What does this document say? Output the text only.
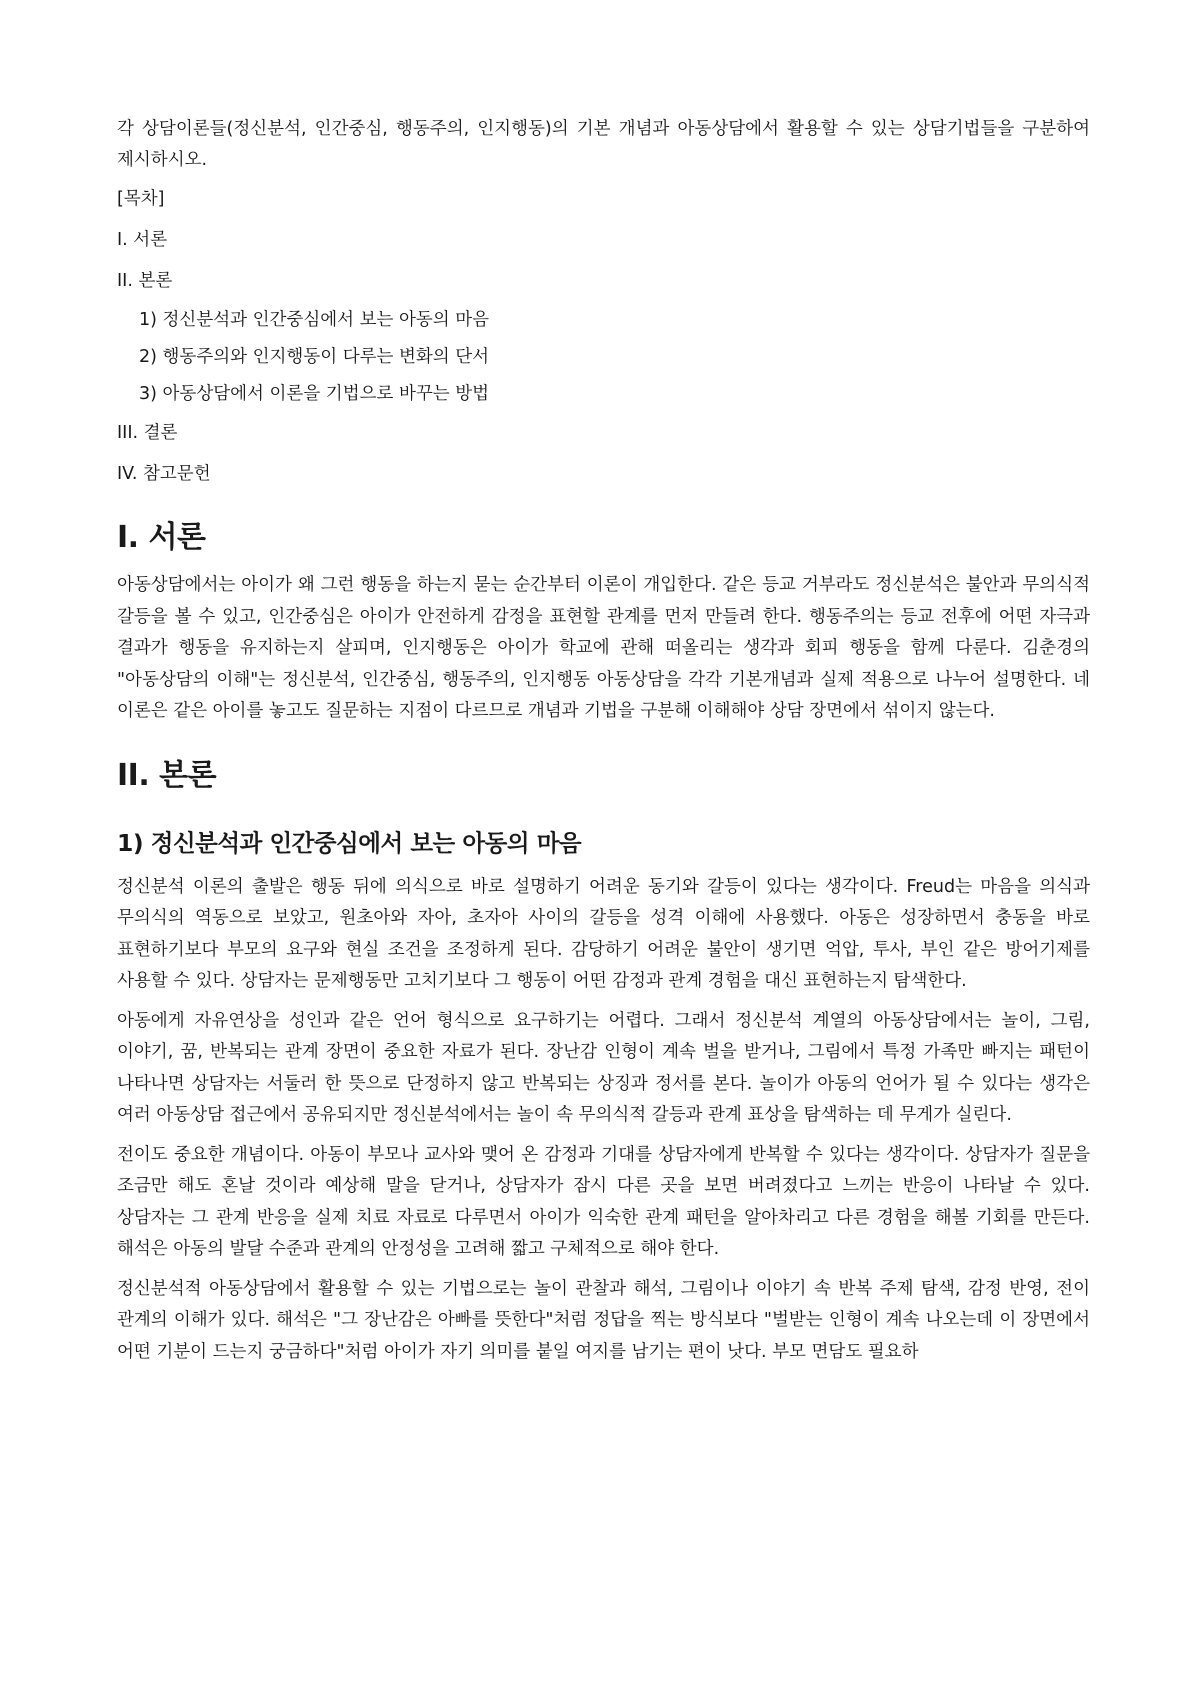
각 상담이론들(정신분석, 인간중심, 행동주의, 인지행동)의 기본 개념과 아동상담에서 활용할 수 있는 상담기법들을 구분하여 제시하시오.

[목차]
I. 서론
II. 본론
1) 정신분석과 인간중심에서 보는 아동의 마음
2) 행동주의와 인지행동이 다루는 변화의 단서
3) 아동상담에서 이론을 기법으로 바꾸는 방법
III. 결론
IV. 참고문헌
I. 서론

아동상담에서는 아이가 왜 그런 행동을 하는지 묻는 순간부터 이론이 개입한다. 같은 등교 거부라도 정신분석은 불안과 무의식적 갈등을 볼 수 있고, 인간중심은 아이가 안전하게 감정을 표현할 관계를 먼저 만들려 한다. 행동주의는 등교 전후에 어떤 자극과 결과가 행동을 유지하는지 살피며, 인지행동은 아이가 학교에 관해 떠올리는 생각과 회피 행동을 함께 다룬다. 김춘경의 "아동상담의 이해"는 정신분석, 인간중심, 행동주의, 인지행동 아동상담을 각각 기본개념과 실제 적용으로 나누어 설명한다. 네 이론은 같은 아이를 놓고도 질문하는 지점이 다르므로 개념과 기법을 구분해 이해해야 상담 장면에서 섞이지 않는다.

II. 본론
1) 정신분석과 인간중심에서 보는 아동의 마음

정신분석 이론의 출발은 행동 뒤에 의식으로 바로 설명하기 어려운 동기와 갈등이 있다는 생각이다. Freud는 마음을 의식과 무의식의 역동으로 보았고, 원초아와 자아, 초자아 사이의 갈등을 성격 이해에 사용했다. 아동은 성장하면서 충동을 바로 표현하기보다 부모의 요구와 현실 조건을 조정하게 된다. 감당하기 어려운 불안이 생기면 억압, 투사, 부인 같은 방어기제를 사용할 수 있다. 상담자는 문제행동만 고치기보다 그 행동이 어떤 감정과 관계 경험을 대신 표현하는지 탐색한다.

아동에게 자유연상을 성인과 같은 언어 형식으로 요구하기는 어렵다. 그래서 정신분석 계열의 아동상담에서는 놀이, 그림, 이야기, 꿈, 반복되는 관계 장면이 중요한 자료가 된다. 장난감 인형이 계속 벌을 받거나, 그림에서 특정 가족만 빠지는 패턴이 나타나면 상담자는 서둘러 한 뜻으로 단정하지 않고 반복되는 상징과 정서를 본다. 놀이가 아동의 언어가 될 수 있다는 생각은 여러 아동상담 접근에서 공유되지만 정신분석에서는 놀이 속 무의식적 갈등과 관계 표상을 탐색하는 데 무게가 실린다.

전이도 중요한 개념이다. 아동이 부모나 교사와 맺어 온 감정과 기대를 상담자에게 반복할 수 있다는 생각이다. 상담자가 질문을 조금만 해도 혼날 것이라 예상해 말을 닫거나, 상담자가 잠시 다른 곳을 보면 버려졌다고 느끼는 반응이 나타날 수 있다. 상담자는 그 관계 반응을 실제 치료 자료로 다루면서 아이가 익숙한 관계 패턴을 알아차리고 다른 경험을 해볼 기회를 만든다. 해석은 아동의 발달 수준과 관계의 안정성을 고려해 짧고 구체적으로 해야 한다.

정신분석적 아동상담에서 활용할 수 있는 기법으로는 놀이 관찰과 해석, 그림이나 이야기 속 반복 주제 탐색, 감정 반영, 전이 관계의 이해가 있다. 해석은 "그 장난감은 아빠를 뜻한다"처럼 정답을 찍는 방식보다 "벌받는 인형이 계속 나오는데 이 장면에서 어떤 기분이 드는지 궁금하다"처럼 아이가 자기 의미를 붙일 여지를 남기는 편이 낫다. 부모 면담도 필요하
